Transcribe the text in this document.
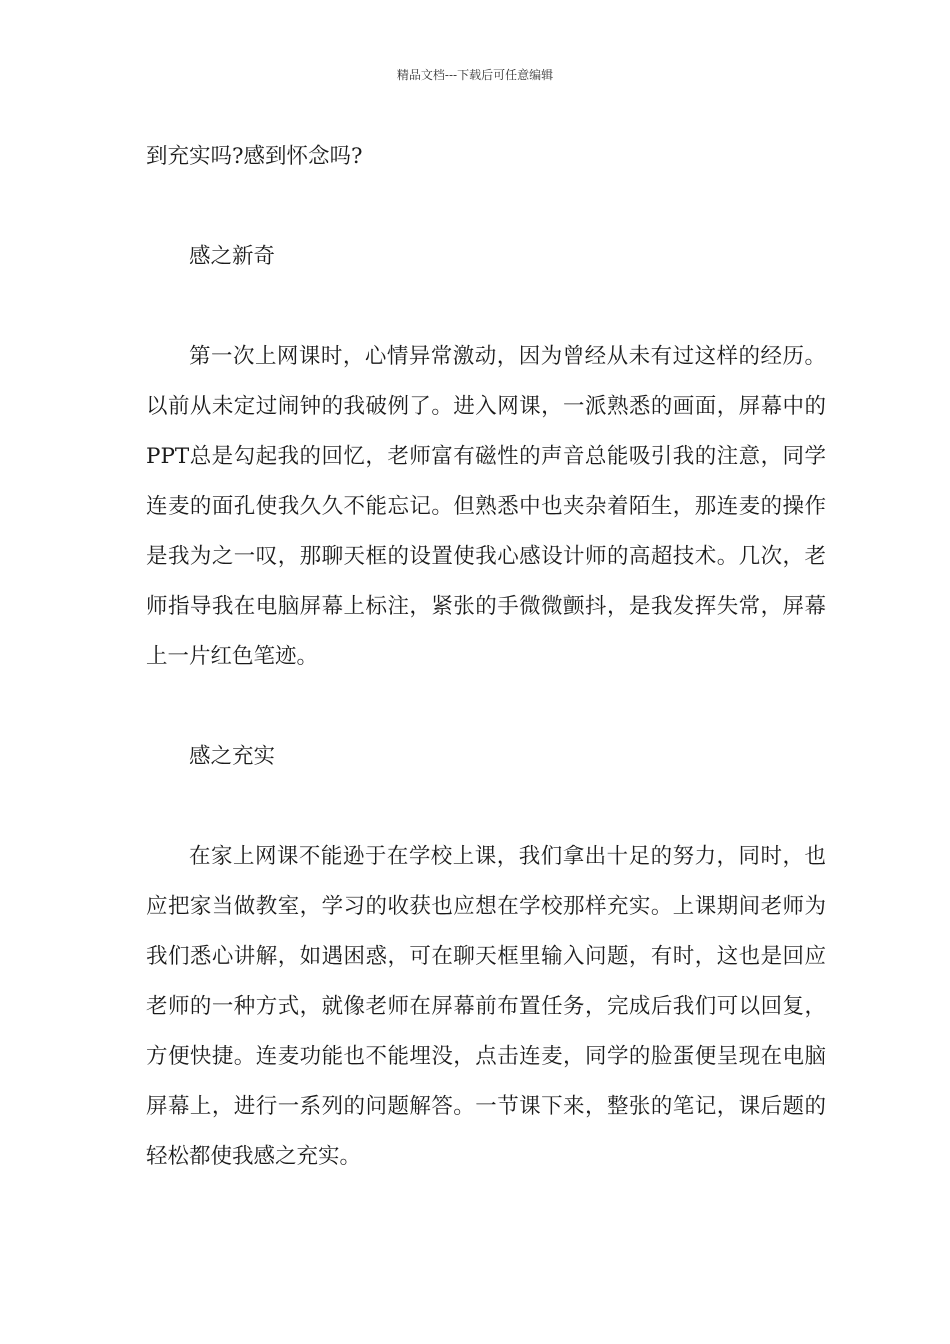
精品文档---下载后可任意编辑

到充实吗?感到怀念吗?

感之新奇

第一次上网课时，心情异常激动，因为曾经从未有过这样的经历。以前从未定过闹钟的我破例了。进入网课，一派熟悉的画面，屏幕中的PPT总是勾起我的回忆，老师富有磁性的声音总能吸引我的注意，同学连麦的面孔使我久久不能忘记。但熟悉中也夹杂着陌生，那连麦的操作是我为之一叹，那聊天框的设置使我心感设计师的高超技术。几次，老师指导我在电脑屏幕上标注，紧张的手微微颤抖，是我发挥失常，屏幕上一片红色笔迹。

感之充实

在家上网课不能逊于在学校上课，我们拿出十足的努力，同时，也应把家当做教室，学习的收获也应想在学校那样充实。上课期间老师为我们悉心讲解，如遇困惑，可在聊天框里输入问题，有时，这也是回应老师的一种方式，就像老师在屏幕前布置任务，完成后我们可以回复，方便快捷。连麦功能也不能埋没，点击连麦，同学的脸蛋便呈现在电脑屏幕上，进行一系列的问题解答。一节课下来，整张的笔记，课后题的轻松都使我感之充实。
